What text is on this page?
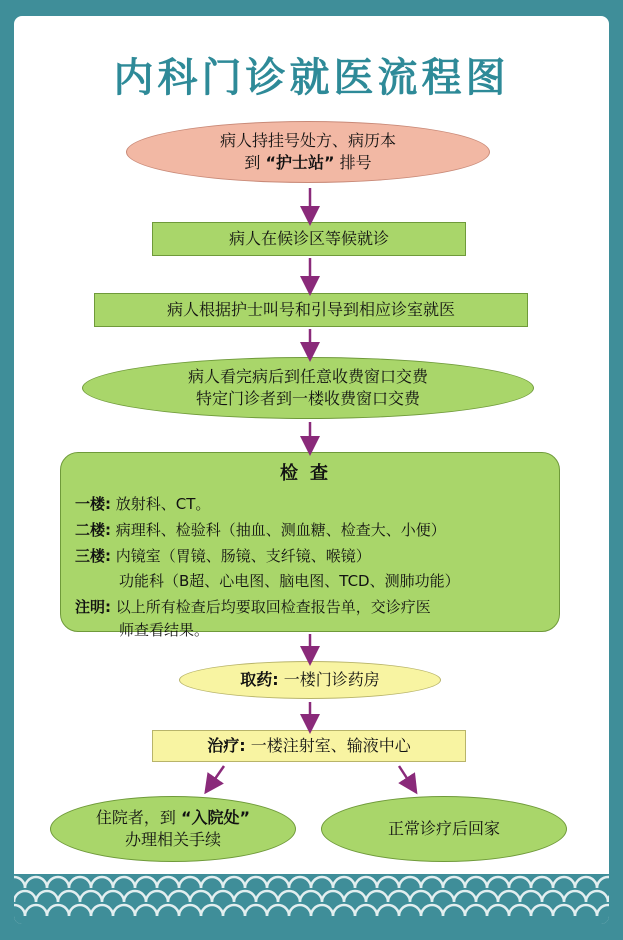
内科门诊就医流程图
病人持挂号处方、病历本
到 “护士站” 排号
病人在候诊区等候就诊
病人根据护士叫号和引导到相应诊室就医
病人看完病后到任意收费窗口交费
特定门诊者到一楼收费窗口交费
检查
一楼: 放射科、CT。
二楼: 病理科、检验科（抽血、测血糖、检查大、小便）
三楼: 内镜室（胃镜、肠镜、支纤镜、喉镜）
功能科（B超、心电图、脑电图、TCD、测肺功能）
注明: 以上所有检查后均要取回检查报告单，交诊疗医
师查看结果。
取药: 一楼门诊药房
治疗: 一楼注射室、输液中心
住院者，到 “入院处”
办理相关手续
正常诊疗后回家
